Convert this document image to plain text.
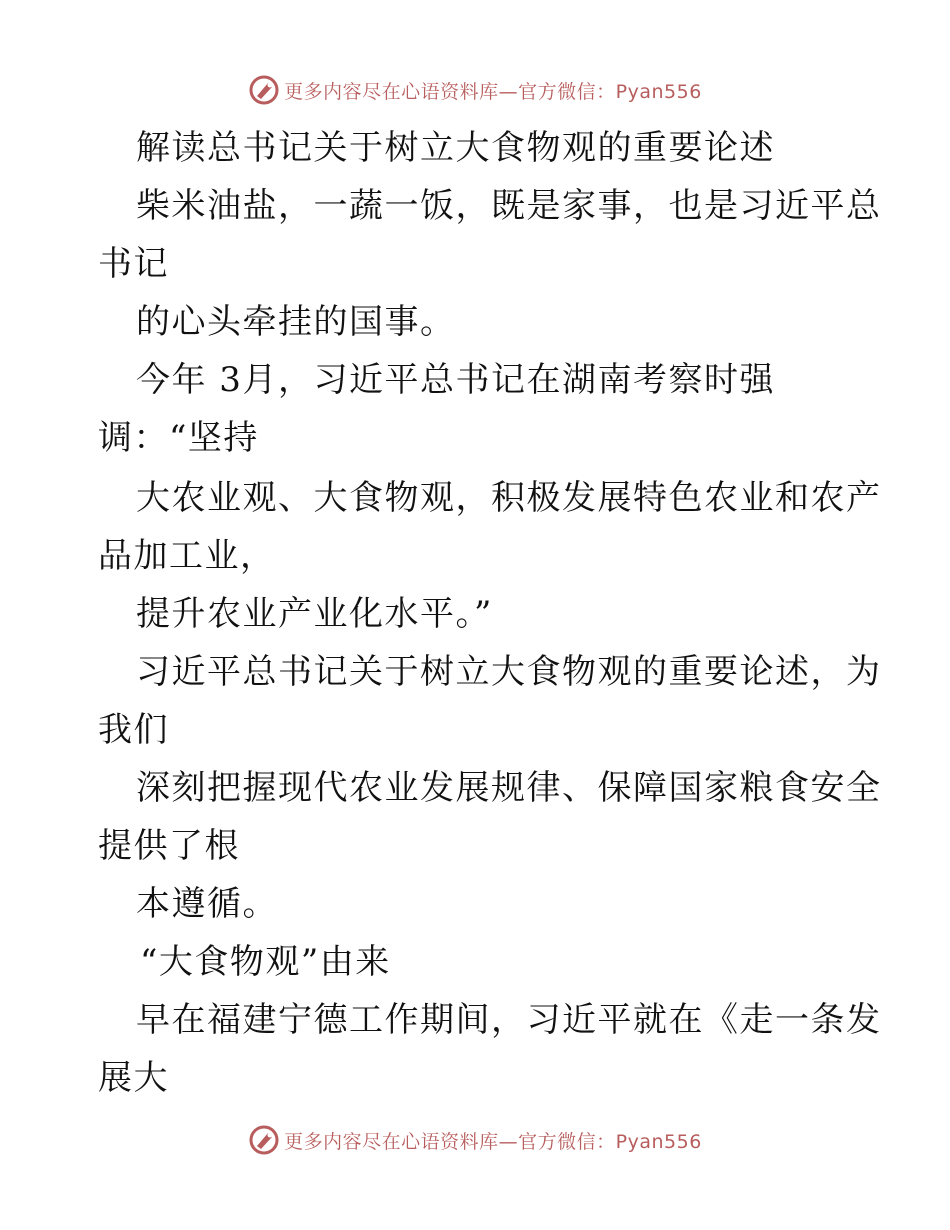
更多内容尽在心语资料库—官方微信：Pyan556
解读总书记关于树立大食物观的重要论述
柴米油盐，一蔬一饭，既是家事，也是习近平总
书记
的心头牵挂的国事。
今年 3月，习近平总书记在湖南考察时强
调：“坚持
大农业观、大食物观，积极发展特色农业和农产
品加工业，
提升农业产业化水平。”
习近平总书记关于树立大食物观的重要论述，为
我们
深刻把握现代农业发展规律、保障国家粮食安全
提供了根
本遵循。
“大食物观”由来
早在福建宁德工作期间，习近平就在《走一条发
展大
更多内容尽在心语资料库—官方微信：Pyan556
